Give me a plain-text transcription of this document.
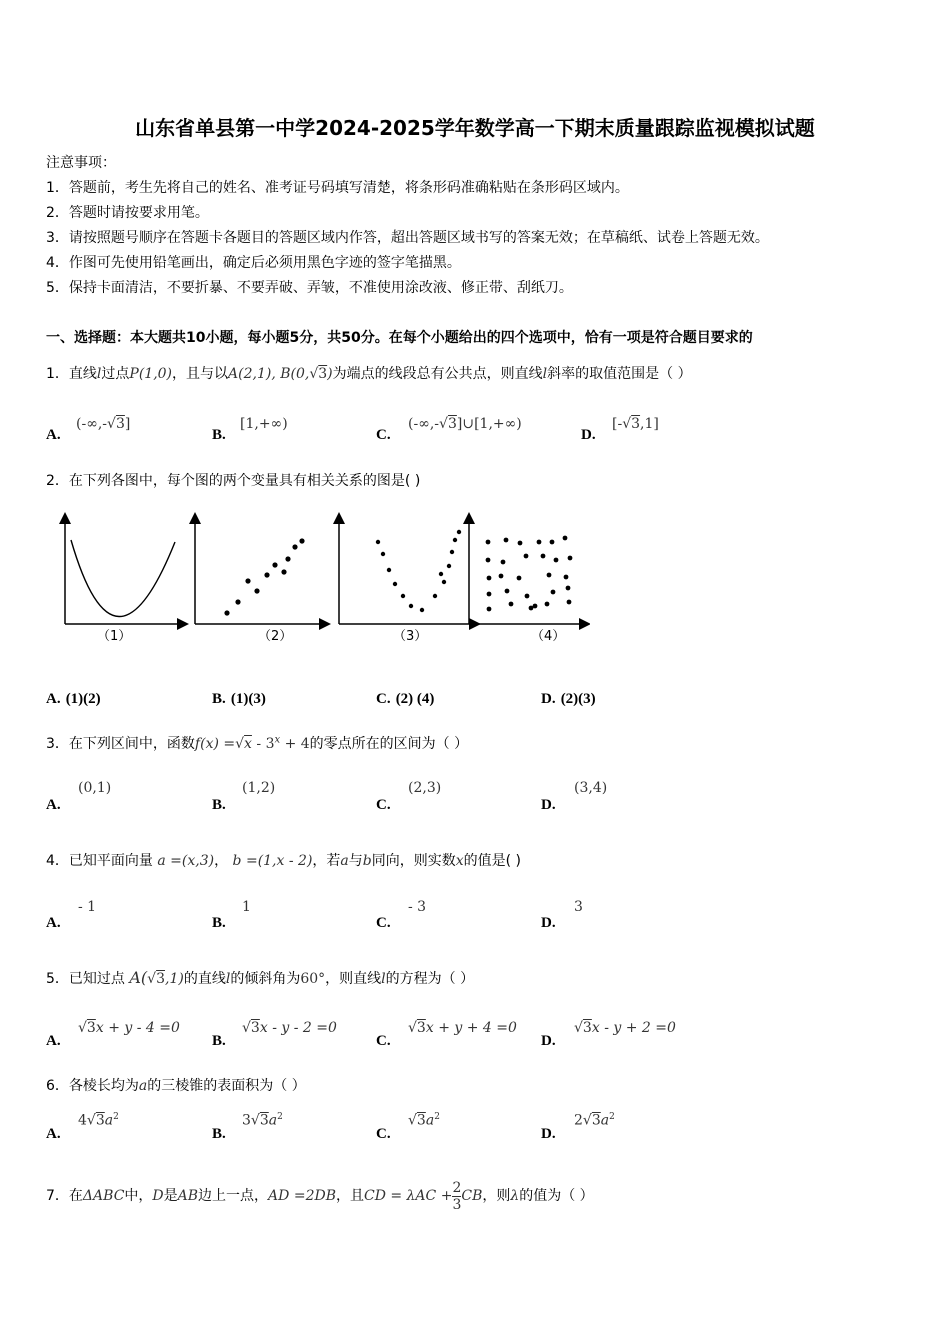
山东省单县第一中学2024-2025学年数学高一下期末质量跟踪监视模拟试题
注意事项：
1．答题前，考生先将自己的姓名、准考证号码填写清楚，将条形码准确粘贴在条形码区域内。
2．答题时请按要求用笔。
3．请按照题号顺序在答题卡各题目的答题区域内作答，超出答题区域书写的答案无效；在草稿纸、试卷上答题无效。
4．作图可先使用铅笔画出，确定后必须用黑色字迹的签字笔描黑。
5．保持卡面清洁，不要折暴、不要弄破、弄皱，不准使用涂改液、修正带、刮纸刀。
一、选择题：本大题共10小题，每小题5分，共50分。在每个小题给出的四个选项中，恰有一项是符合题目要求的
1．直线l过点P(1,0)，且与以A(2,1), B(0,√3)为端点的线段总有公共点，则直线l斜率的取值范围是（ ）
A.
(-∞,-√3]
B.
[1,+∞)
C.
(-∞,-√3]∪[1,+∞)
D.
[-√3,1]
2．在下列各图中，每个图的两个变量具有相关关系的图是( )
（1）	（2）	（3）	（4）
A. (1)(2)	B. (1)(3)	C. (2) (4)	D. (2)(3)
3．在下列区间中，函数$f(x) =√x - 3^x + 4$的零点所在的区间为（ ）
A.
(0,1)
B.
(1,2)
C.
(2,3)
D.
(3,4)
4．已知平面向量 a =(x,3)， b =(1,x - 2)，若a与b同向，则实数x的值是( )
A.
- 1
B.
1
C.
- 3
D.
3
5．已知过点 A(√3,1)的直线l的倾斜角为60°，则直线l的方程为（ ）
A.
√3x + y - 4 =0
B.
√3x - y - 2 =0
C.
√3x + y + 4 =0
D.
√3x - y + 2 =0
6．各棱长均为a的三棱锥的表面积为（ ）
A.
$4√3a^2$
B.
$3√3a^2$
C.
$√3a^2$
D.
$2√3a^2$
7．在ΔABC中，D是AB边上一点，AD =2DB，且CD = $\lambda AC + \frac{2}{3}$ CB，则λ的值为（ ）
